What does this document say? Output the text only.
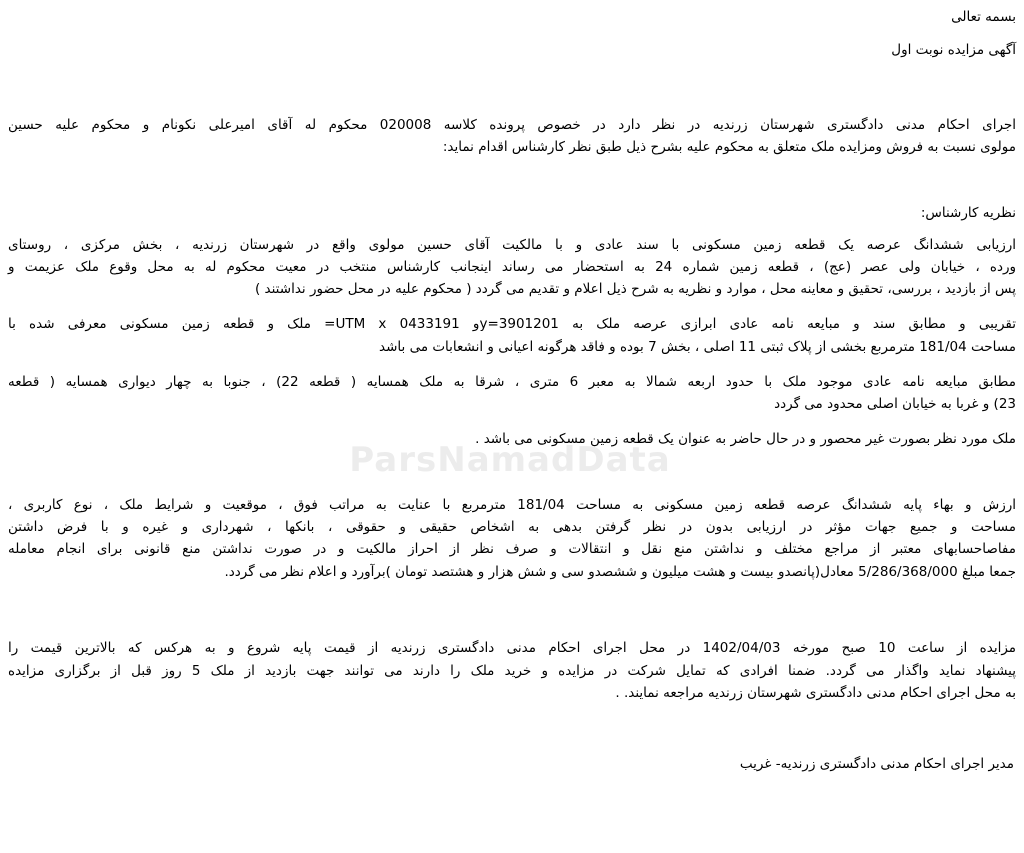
ParsNamadData
بسمه تعالی
آگهی مزایده نوبت اول
اجرای احکام مدنی دادگستری شهرستان زرندیه در نظر دارد در خصوص پرونده کلاسه 020008 محکوم له آقای امیرعلی نکونام و محکوم علیه حسین
مولوی نسبت به فروش ومزایده ملک متعلق به محکوم علیه بشرح ذیل طبق نظر کارشناس اقدام نماید:
نظریه کارشناس:
ارزیابی ششدانگ عرصه یک قطعه زمین مسکونی با سند عادی و با مالکیت آقای حسین مولوی واقع در شهرستان زرندیه ، بخش مرکزی ، روستای
ورده ، خیابان ولی عصر (عج) ، قطعه زمین شماره 24 به استحضار می رساند اینجانب کارشناس منتخب در معیت محکوم له به محل وقوع ملک عزیمت و
پس از بازدید ، بررسی، تحقیق و معاینه محل ، موارد و نظریه به شرح ذیل اعلام و تقدیم می گردد ( محکوم علیه در محل حضور نداشتند )
تقریبی و مطابق سند و مبایعه نامه عادی ابرازی عرصه ملک به 3901201=yو 0433191 UTM x= ملک و قطعه زمین مسکونی معرفی شده با
مساحت 181/04 مترمربع بخشی از پلاک ثبتی 11 اصلی ، بخش 7 بوده و فاقد هرگونه اعیانی و انشعابات می باشد
مطابق مبایعه نامه عادی موجود ملک با حدود اربعه شمالا به معبر 6 متری ، شرقا به ملک همسایه ( قطعه 22) ، جنوبا به چهار دیواری همسایه ( قطعه
23) و غربا به خیابان اصلی محدود می گردد
ملک مورد نظر بصورت غیر محصور و در حال حاضر به عنوان یک قطعه زمین مسکونی می باشد .
ارزش و بهاء پایه ششدانگ عرصه قطعه زمین مسکونی به مساحت 181/04 مترمربع با عنایت به مراتب فوق ، موقعیت و شرایط ملک ، نوع کاربری ،
مساحت و جمیع جهات مؤثر در ارزیابی بدون در نظر گرفتن بدهی به اشخاص حقیقی و حقوقی ، بانکها ، شهرداری و غیره و با فرض داشتن
مفاصاحسابهای معتبر از مراجع مختلف و نداشتن منع نقل و انتقالات و صرف نظر از احراز مالکیت و در صورت نداشتن منع قانونی برای انجام معامله
جمعا مبلغ 5/286/368/000 معادل(پانصدو بیست و هشت میلیون و ششصدو سی و شش هزار و هشتصد تومان )برآورد و اعلام نظر می گردد.
مزایده از ساعت 10 صبح مورخه 1402/04/03 در محل اجرای احکام مدنی دادگستری زرندیه از قیمت پایه شروع و به هرکس که بالاترین قیمت را
پیشنهاد نماید واگذار می گردد. ضمنا افرادی که تمایل شرکت در مزایده و خرید ملک را دارند می توانند جهت بازدید از ملک 5 روز قبل از برگزاری مزایده
به محل اجرای احکام مدنی دادگستری شهرستان زرندیه مراجعه نمایند. .
مدیر اجرای احکام مدنی دادگستری زرندیه- غریب
